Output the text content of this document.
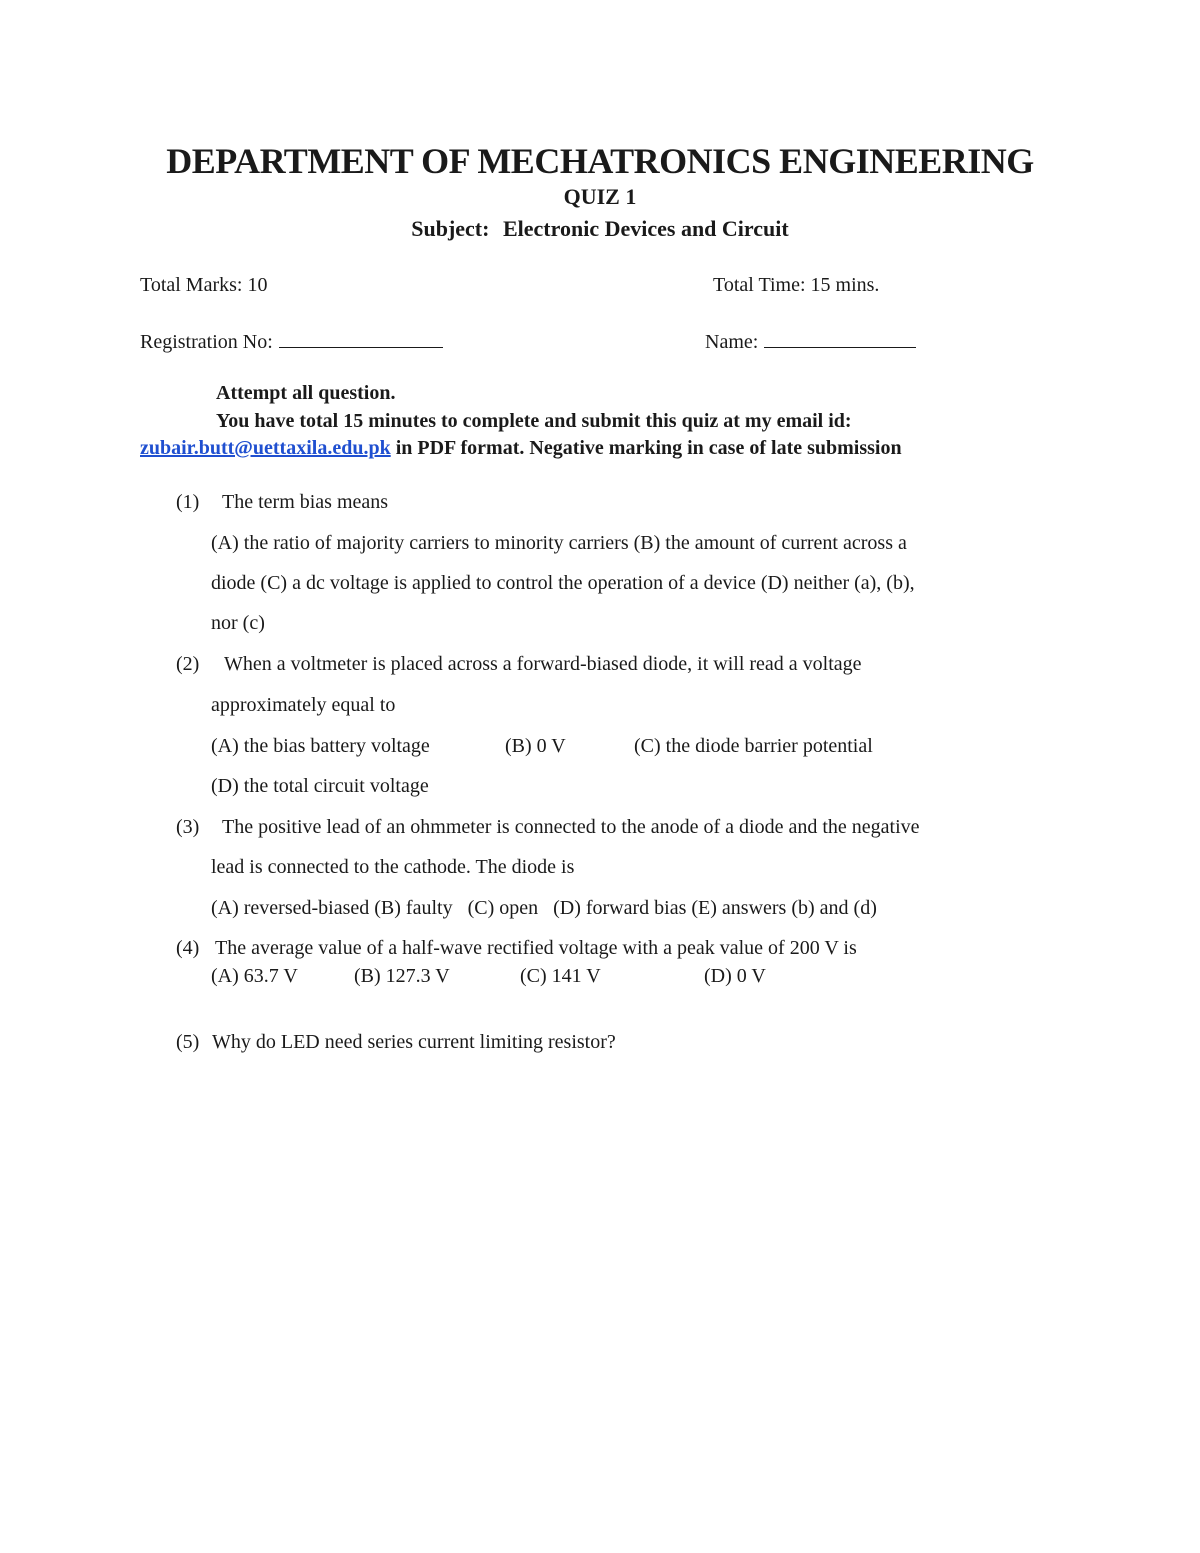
DEPARTMENT OF MECHATRONICS ENGINEERING
QUIZ 1
Subject: Electronic Devices and Circuit
Total Marks: 10	Total Time: 15 mins.
Registration No:	Name:
Attempt all question.
You have total 15 minutes to complete and submit this quiz at my email id:
zubair.butt@uettaxila.edu.pk in PDF format. Negative marking in case of late submission
(1) The term bias means
(A) the ratio of majority carriers to minority carriers (B) the amount of current across a
diode (C) a dc voltage is applied to control the operation of a device (D) neither (a), (b),
nor (c)
(2) When a voltmeter is placed across a forward-biased diode, it will read a voltage
approximately equal to
(A) the bias battery voltage	(B) 0 V	(C) the diode barrier potential
(D) the total circuit voltage
(3) The positive lead of an ohmmeter is connected to the anode of a diode and the negative
lead is connected to the cathode. The diode is
(A) reversed-biased (B) faulty   (C) open   (D) forward bias (E) answers (b) and (d)
(4) The average value of a half-wave rectified voltage with a peak value of 200 V is
(A) 63.7 V	(B) 127.3 V	(C) 141 V	(D) 0 V
(5) Why do LED need series current limiting resistor?
